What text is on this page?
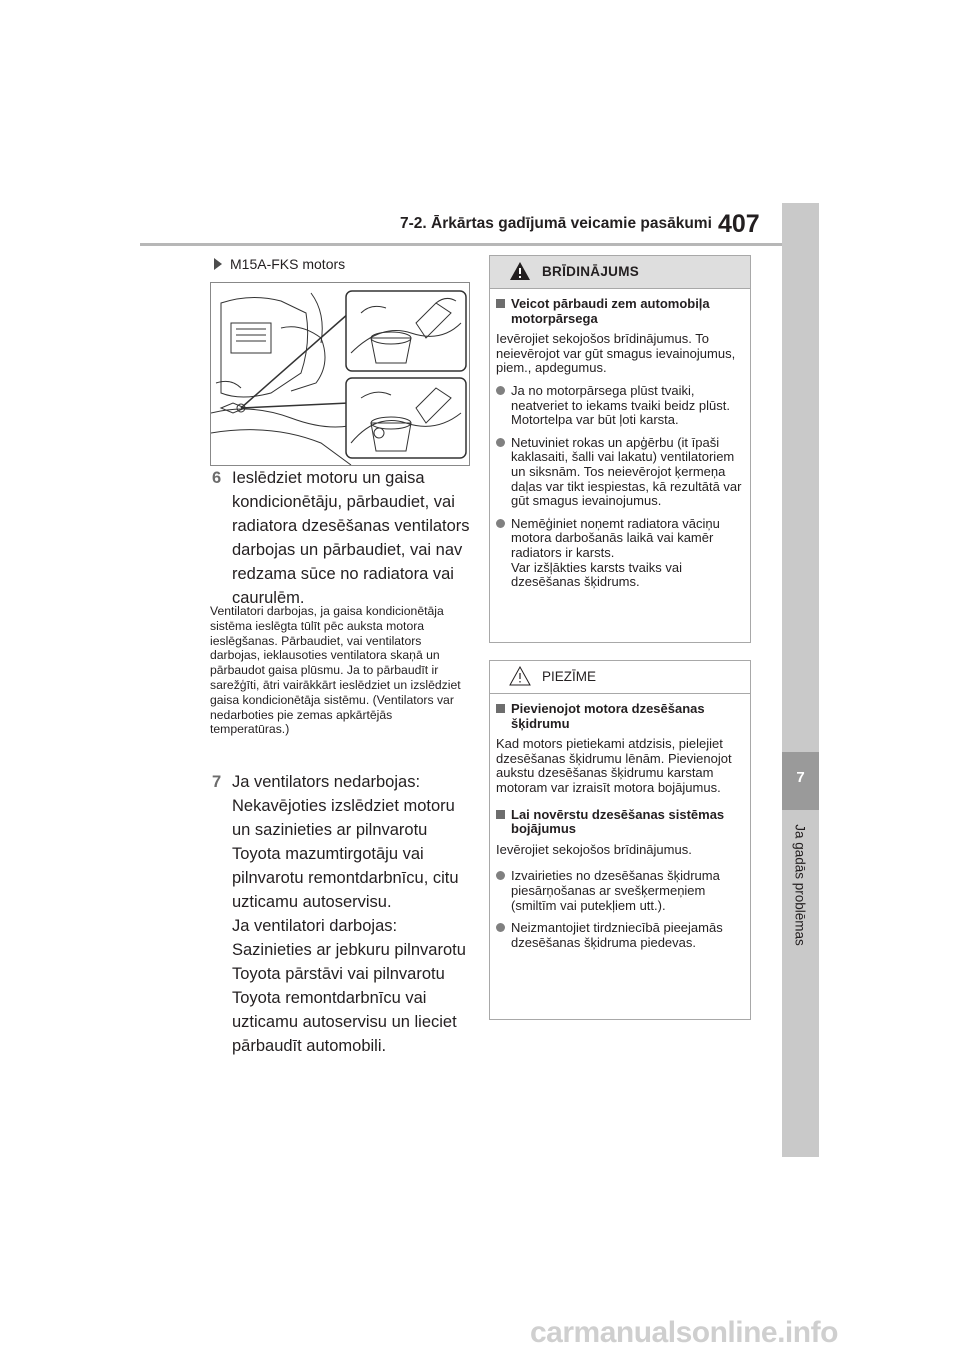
7-2. Ārkārtas gadījumā veicamie pasākumi 407
7
Ja gadās problēmas
M15A-FKS motors
6 Ieslēdziet motoru un gaisa kondicionētāju, pārbaudiet, vai radiatora dzesēšanas ventilators darbojas un pārbaudiet, vai nav redzama sūce no radiatora vai caurulēm.
Ventilatori darbojas, ja gaisa kondicionētāja sistēma ieslēgta tūlīt pēc auksta motora ieslēgšanas. Pārbaudiet, vai ventilators darbojas, ieklausoties ventilatora skaņā un pārbaudot gaisa plūsmu. Ja to pārbaudīt ir sarežģīti, ātri vairākkārt ieslēdziet un izslēdziet gaisa kondicionētāja sistēmu. (Ventilators var nedarboties pie zemas apkārtējās temperatūras.)
7 Ja ventilators nedarbojas:
Nekavējoties izslēdziet motoru un sazinieties ar pilnvarotu Toyota mazumtirgotāju vai pilnvarotu remontdarbnīcu, citu uzticamu autoservisu.
Ja ventilatori darbojas:
Sazinieties ar jebkuru pilnvarotu Toyota pārstāvi vai pilnvarotu Toyota remontdarbnīcu vai uzticamu autoservisu un lieciet pārbaudīt automobili.
BRĪDINĀJUMS
Veicot pārbaudi zem automobiļa motorpārsega

Ievērojiet sekojošos brīdinājumus. To neievērojot var gūt smagus ievainojumus, piem., apdegumus.

Ja no motorpārsega plūst tvaiki, neatveriet to iekams tvaiki beidz plūst. Motortelpa var būt ļoti karsta.
Netuviniet rokas un apģērbu (it īpaši kaklasaiti, šalli vai lakatu) ventilatoriem un siksnām. Tos neievērojot ķermeņa daļas var tikt iespiestas, kā rezultātā var gūt smagus ievainojumus.
Nemēģiniet noņemt radiatora vāciņu motora darbošanās laikā vai kamēr radiators ir karsts.
Var izšļākties karsts tvaiks vai dzesēšanas šķidrums.
PIEZĪME
Pievienojot motora dzesēšanas šķidrumu

Kad motors pietiekami atdzisis, pielejiet dzesēšanas šķidrumu lēnām. Pievienojot aukstu dzesēšanas šķidrumu karstam motoram var izraisīt motora bojājumus.

Lai novērstu dzesēšanas sistēmas bojājumus

Ievērojiet sekojošos brīdinājumus.

Izvairieties no dzesēšanas šķidruma piesārņošanas ar svešķermeņiem (smiltīm vai putekļiem utt.).
Neizmantojiet tirdzniecībā pieejamās dzesēšanas šķidruma piedevas.
carmanualsonline.info
